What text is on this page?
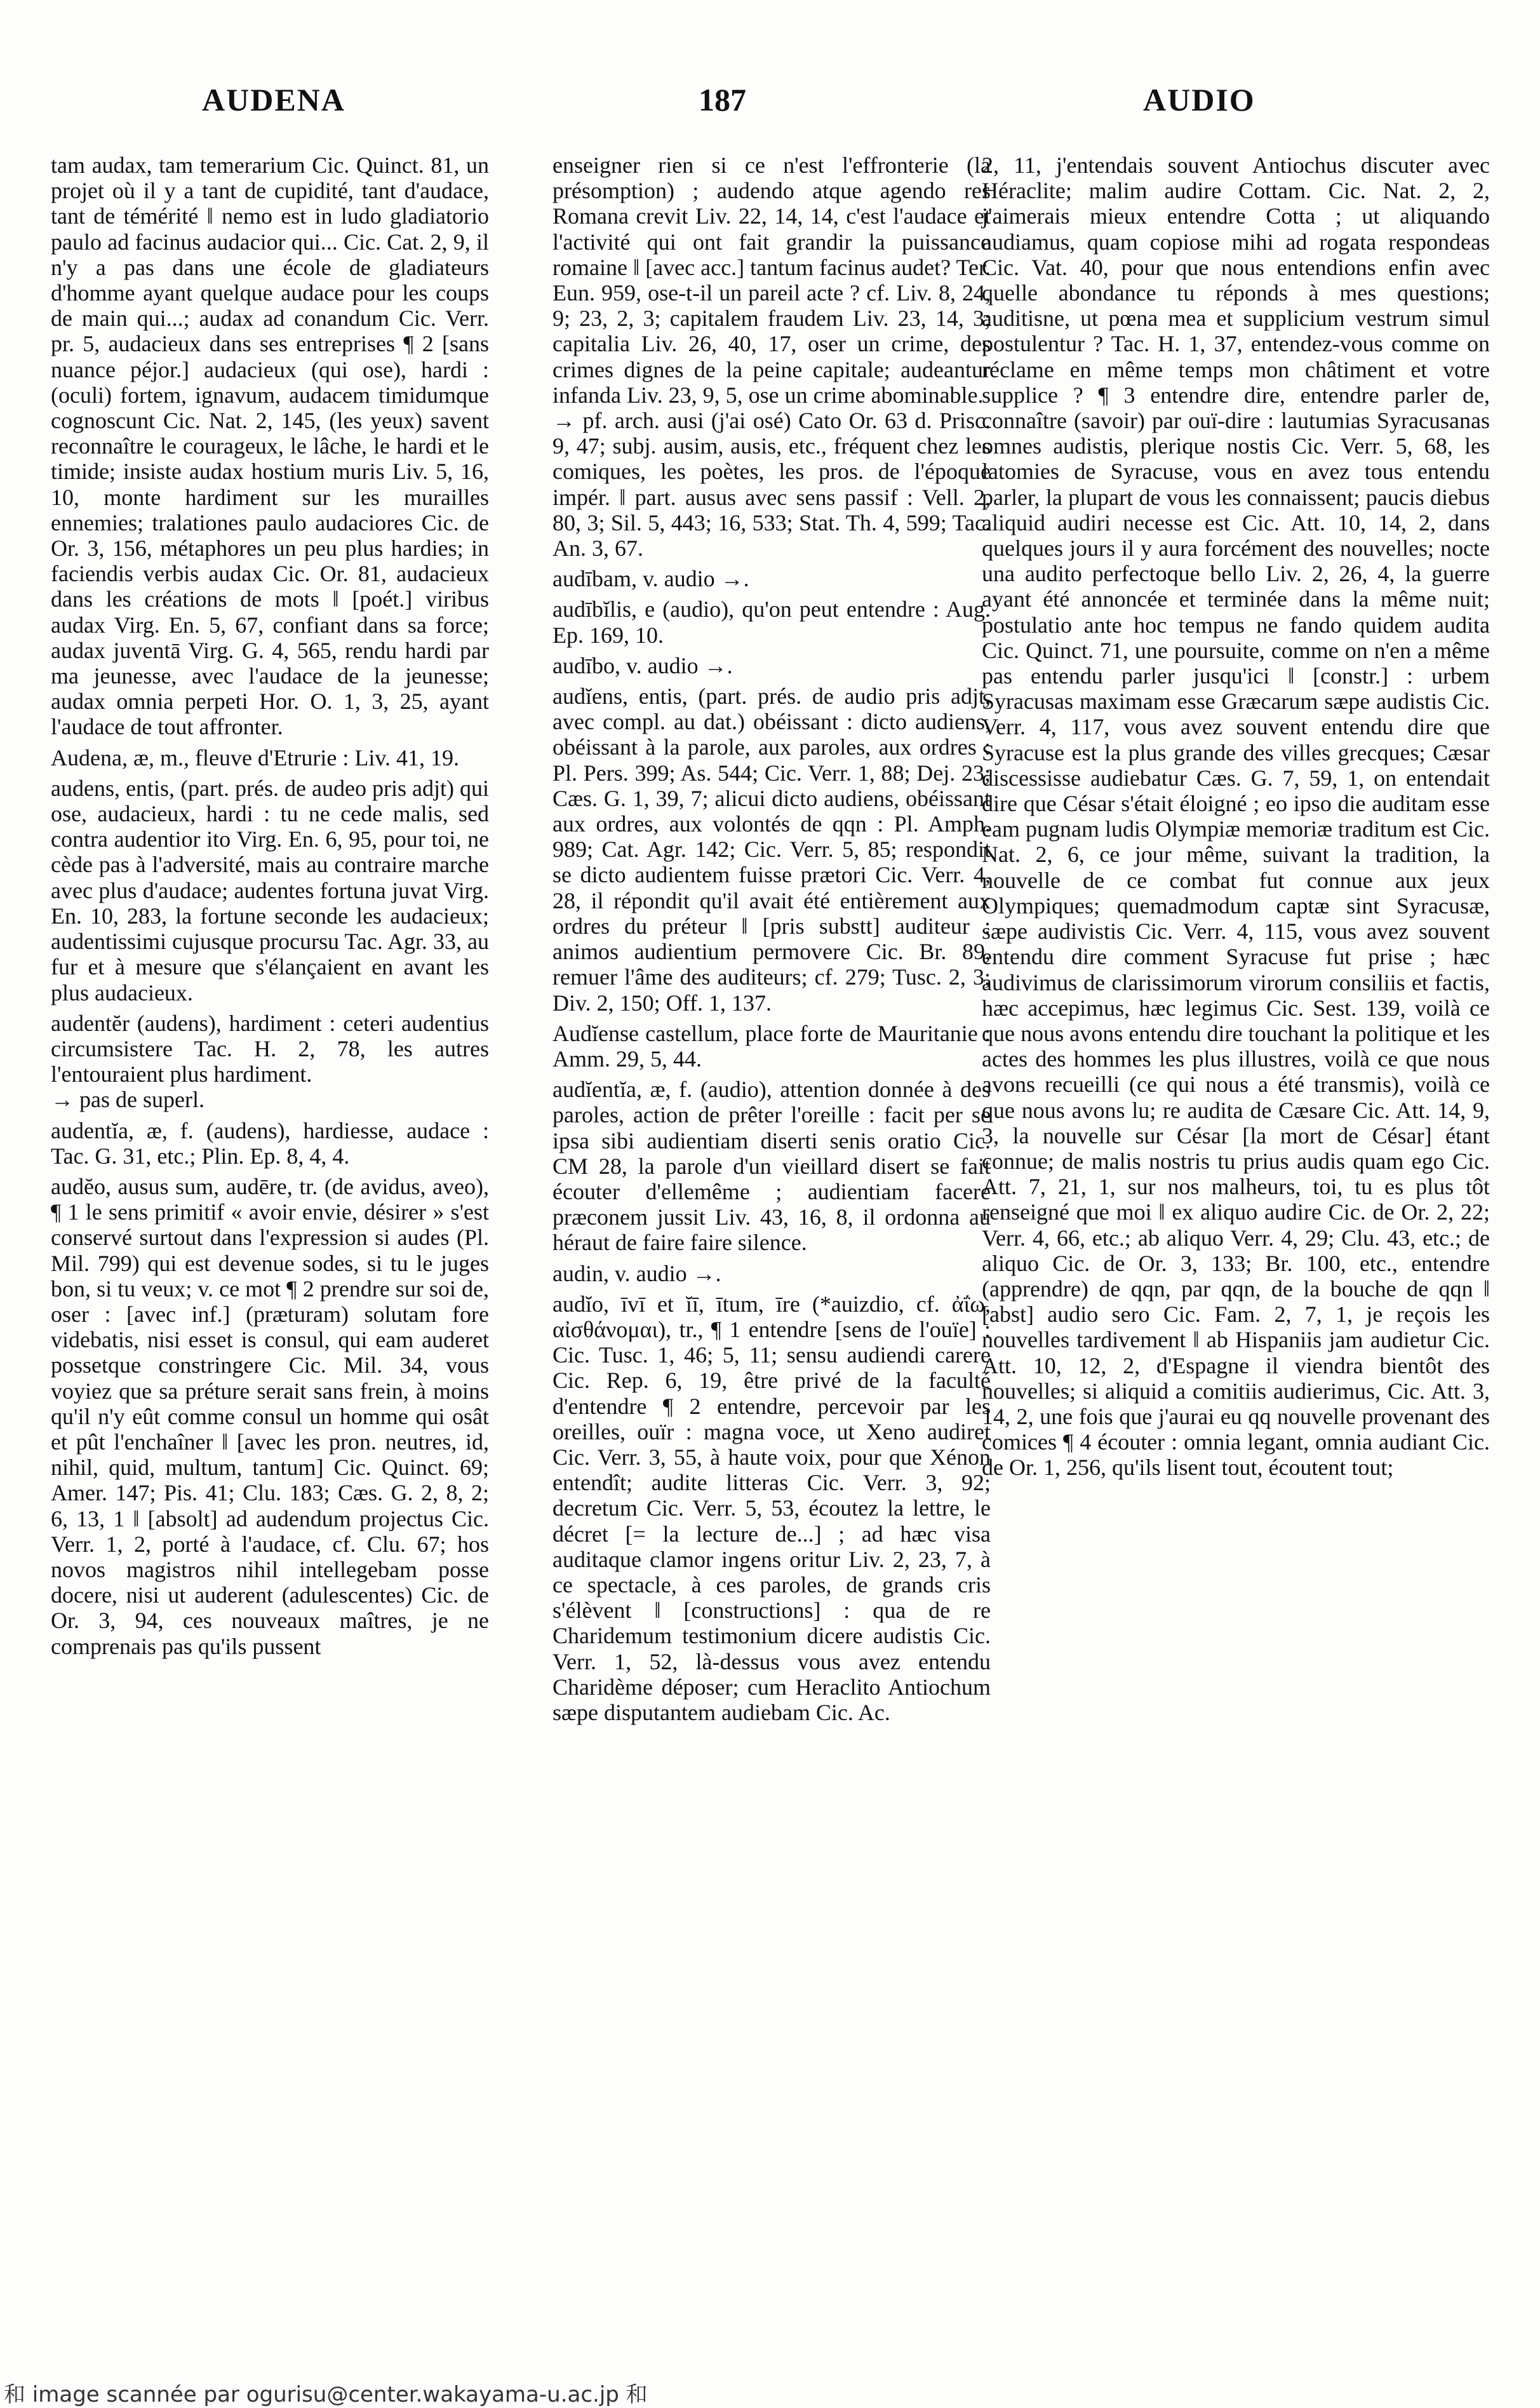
AUDENA	187	AUDIO

tam audax, tam temerarium Cic. Quinct. 81, un projet où il y a tant de cupidité, tant d'audace, tant de témérité ‖ nemo est in ludo gladiatorio paulo ad facinus audacior qui... Cic. Cat. 2, 9, il n'y a pas dans une école de gladiateurs d'homme ayant quelque audace pour les coups de main qui...; audax ad conandum Cic. Verr. pr. 5, audacieux dans ses entreprises ¶ 2 [sans nuance péjor.] audacieux (qui ose), hardi : (oculi) fortem, ignavum, audacem timidumque cognoscunt Cic. Nat. 2, 145, (les yeux) savent reconnaître le courageux, le lâche, le hardi et le timide; insiste audax hostium muris Liv. 5, 16, 10, monte hardiment sur les murailles ennemies; tralationes paulo audaciores Cic. de Or. 3, 156, métaphores un peu plus hardies; in faciendis verbis audax Cic. Or. 81, audacieux dans les créations de mots ‖ [poét.] viribus audax Virg. En. 5, 67, confiant dans sa force; audax juventā Virg. G. 4, 565, rendu hardi par ma jeunesse, avec l'audace de la jeunesse; audax omnia perpeti Hor. O. 1, 3, 25, ayant l'audace de tout affronter.

Audena, æ, m., fleuve d'Etrurie : Liv. 41, 19.

audens, entis, (part. prés. de audeo pris adjt) qui ose, audacieux, hardi : tu ne cede malis, sed contra audentior ito Virg. En. 6, 95, pour toi, ne cède pas à l'adversité, mais au contraire marche avec plus d'audace; audentes fortuna juvat Virg. En. 10, 283, la fortune seconde les audacieux; audentissimi cujusque procursu Tac. Agr. 33, au fur et à mesure que s'élançaient en avant les plus audacieux.

audentĕr (audens), hardiment : ceteri audentius circumsistere Tac. H. 2, 78, les autres l'entouraient plus hardiment.

→ pas de superl.

audentĭa, æ, f. (audens), hardiesse, audace : Tac. G. 31, etc.; Plin. Ep. 8, 4, 4.

audĕo, ausus sum, audēre, tr. (de avidus, aveo), ¶ 1 le sens primitif « avoir envie, désirer » s'est conservé surtout dans l'expression si audes (Pl. Mil. 799) qui est devenue sodes, si tu le juges bon, si tu veux; v. ce mot ¶ 2 prendre sur soi de, oser : [avec inf.] (præturam) solutam fore videbatis, nisi esset is consul, qui eam auderet possetque constringere Cic. Mil. 34, vous voyiez que sa préture serait sans frein, à moins qu'il n'y eût comme consul un homme qui osât et pût l'enchaîner ‖ [avec les pron. neutres, id, nihil, quid, multum, tantum] Cic. Quinct. 69; Amer. 147; Pis. 41; Clu. 183; Cæs. G. 2, 8, 2; 6, 13, 1 ‖ [absolt] ad audendum projectus Cic. Verr. 1, 2, porté à l'audace, cf. Clu. 67; hos novos magistros nihil intellegebam posse docere, nisi ut auderent (adulescentes) Cic. de Or. 3, 94, ces nouveaux maîtres, je ne comprenais pas qu'ils pussent

enseigner rien si ce n'est l'effronterie (la présomption) ; audendo atque agendo res Romana crevit Liv. 22, 14, 14, c'est l'audace et l'activité qui ont fait grandir la puissance romaine ‖ [avec acc.] tantum facinus audet? Ter. Eun. 959, ose-t-il un pareil acte ? cf. Liv. 8, 24, 9; 23, 2, 3; capitalem fraudem Liv. 23, 14, 3; capitalia Liv. 26, 40, 17, oser un crime, des crimes dignes de la peine capitale; audeantur infanda Liv. 23, 9, 5, ose un crime abominable.

→ pf. arch. ausi (j'ai osé) Cato Or. 63 d. Prisc. 9, 47; subj. ausim, ausis, etc., fréquent chez les comiques, les poètes, les pros. de l'époque impér. ‖ part. ausus avec sens passif : Vell. 2, 80, 3; Sil. 5, 443; 16, 533; Stat. Th. 4, 599; Tac. An. 3, 67.

audībam, v. audio →.

audībĭlis, e (audio), qu'on peut entendre : Aug. Ep. 169, 10.

audībo, v. audio →.

audĭens, entis, (part. prés. de audio pris adjt, avec compl. au dat.) obéissant : dicto audiens, obéissant à la parole, aux paroles, aux ordres : Pl. Pers. 399; As. 544; Cic. Verr. 1, 88; Dej. 23; Cæs. G. 1, 39, 7; alicui dicto audiens, obéissant aux ordres, aux volontés de qqn : Pl. Amph. 989; Cat. Agr. 142; Cic. Verr. 5, 85; respondit se dicto audientem fuisse prætori Cic. Verr. 4, 28, il répondit qu'il avait été entièrement aux ordres du préteur ‖ [pris substt] auditeur : animos audientium permovere Cic. Br. 89, remuer l'âme des auditeurs; cf. 279; Tusc. 2, 3; Div. 2, 150; Off. 1, 137.

Audĭense castellum, place forte de Mauritanie : Amm. 29, 5, 44.

audĭentĭa, æ, f. (audio), attention donnée à des paroles, action de prêter l'oreille : facit per se ipsa sibi audientiam diserti senis oratio Cic. CM 28, la parole d'un vieillard disert se fait écouter d'ellemême ; audientiam facere præconem jussit Liv. 43, 16, 8, il ordonna au héraut de faire faire silence.

audin, v. audio →.

audĭo, īvī et ĭī, ītum, īre (*auizdio, cf. ἀΐω, αἰσθάνομαι), tr., ¶ 1 entendre [sens de l'ouïe] : Cic. Tusc. 1, 46; 5, 11; sensu audiendi carere Cic. Rep. 6, 19, être privé de la faculté d'entendre ¶ 2 entendre, percevoir par les oreilles, ouïr : magna voce, ut Xeno audiret Cic. Verr. 3, 55, à haute voix, pour que Xénon entendît; audite litteras Cic. Verr. 3, 92; decretum Cic. Verr. 5, 53, écoutez la lettre, le décret [= la lecture de...] ; ad hæc visa auditaque clamor ingens oritur Liv. 2, 23, 7, à ce spectacle, à ces paroles, de grands cris s'élèvent ‖ [constructions] : qua de re Charidemum testimonium dicere audistis Cic. Verr. 1, 52, là-dessus vous avez entendu Charidème déposer; cum Heraclito Antiochum sæpe disputantem audiebam Cic. Ac.

2, 11, j'entendais souvent Antiochus discuter avec Héraclite; malim audire Cottam. Cic. Nat. 2, 2, j'aimerais mieux entendre Cotta ; ut aliquando audiamus, quam copiose mihi ad rogata respondeas Cic. Vat. 40, pour que nous entendions enfin avec quelle abondance tu réponds à mes questions; auditisne, ut pœna mea et supplicium vestrum simul postulentur ? Tac. H. 1, 37, entendez-vous comme on réclame en même temps mon châtiment et votre supplice ? ¶ 3 entendre dire, entendre parler de, connaître (savoir) par ouï-dire : lautumias Syracusanas omnes audistis, plerique nostis Cic. Verr. 5, 68, les latomies de Syracuse, vous en avez tous entendu parler, la plupart de vous les connaissent; paucis diebus aliquid audiri necesse est Cic. Att. 10, 14, 2, dans quelques jours il y aura forcément des nouvelles; nocte una audito perfectoque bello Liv. 2, 26, 4, la guerre ayant été annoncée et terminée dans la même nuit; postulatio ante hoc tempus ne fando quidem audita Cic. Quinct. 71, une poursuite, comme on n'en a même pas entendu parler jusqu'ici ‖ [constr.] : urbem Syracusas maximam esse Græcarum sæpe audistis Cic. Verr. 4, 117, vous avez souvent entendu dire que Syracuse est la plus grande des villes grecques; Cæsar discessisse audiebatur Cæs. G. 7, 59, 1, on entendait dire que César s'était éloigné ; eo ipso die auditam esse eam pugnam ludis Olympiæ memoriæ traditum est Cic. Nat. 2, 6, ce jour même, suivant la tradition, la nouvelle de ce combat fut connue aux jeux Olympiques; quemadmodum captæ sint Syracusæ, sæpe audivistis Cic. Verr. 4, 115, vous avez souvent entendu dire comment Syracuse fut prise ; hæc audivimus de clarissimorum virorum consiliis et factis, hæc accepimus, hæc legimus Cic. Sest. 139, voilà ce que nous avons entendu dire touchant la politique et les actes des hommes les plus illustres, voilà ce que nous avons recueilli (ce qui nous a été transmis), voilà ce que nous avons lu; re audita de Cæsare Cic. Att. 14, 9, 3, la nouvelle sur César [la mort de César] étant connue; de malis nostris tu prius audis quam ego Cic. Att. 7, 21, 1, sur nos malheurs, toi, tu es plus tôt renseigné que moi ‖ ex aliquo audire Cic. de Or. 2, 22; Verr. 4, 66, etc.; ab aliquo Verr. 4, 29; Clu. 43, etc.; de aliquo Cic. de Or. 3, 133; Br. 100, etc., entendre (apprendre) de qqn, par qqn, de la bouche de qqn ‖ [abst] audio sero Cic. Fam. 2, 7, 1, je reçois les nouvelles tardivement ‖ ab Hispaniis jam audietur Cic. Att. 10, 12, 2, d'Espagne il viendra bientôt des nouvelles; si aliquid a comitiis audierimus, Cic. Att. 3, 14, 2, une fois que j'aurai eu qq nouvelle provenant des comices ¶ 4 écouter : omnia legant, omnia audiant Cic. de Or. 1, 256, qu'ils lisent tout, écoutent tout;

和 image scannée par ogurisu@center.wakayama-u.ac.jp 和
